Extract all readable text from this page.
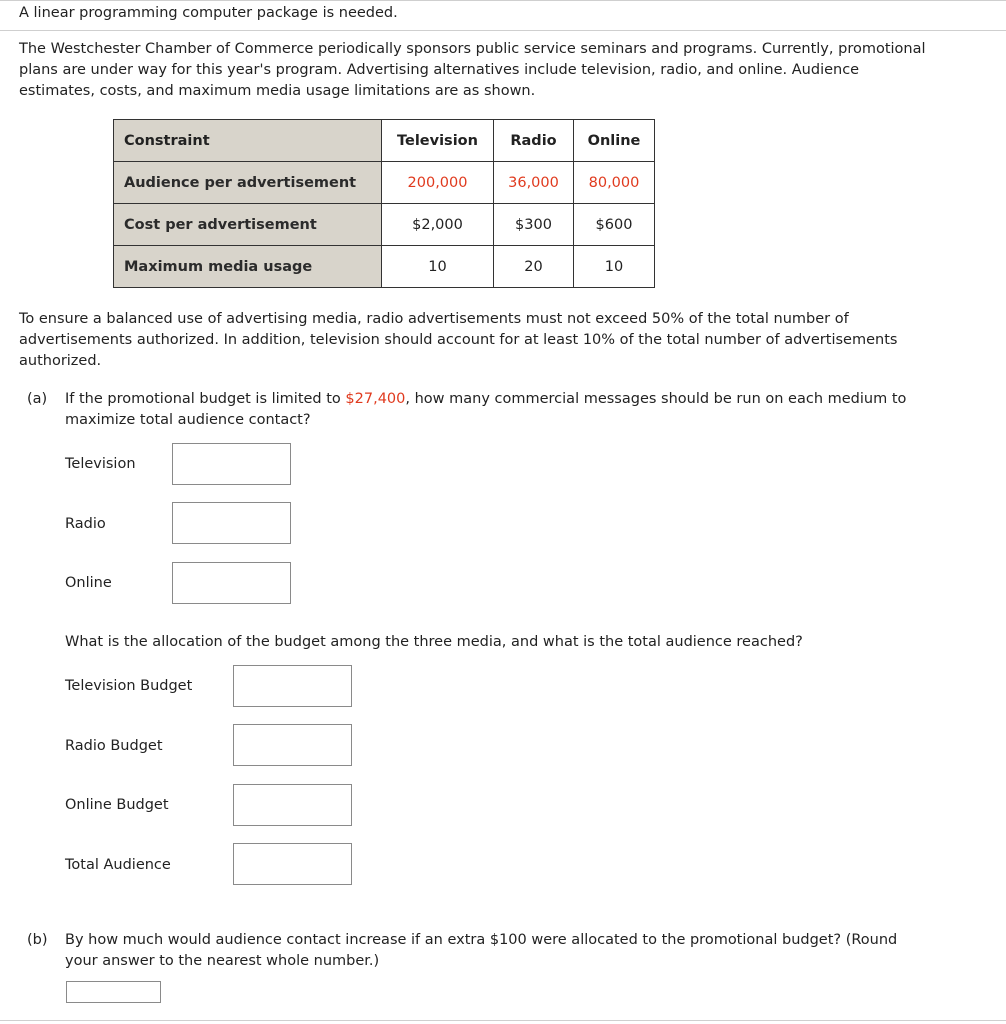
A linear programming computer package is needed.
The Westchester Chamber of Commerce periodically sponsors public service seminars and programs. Currently, promotional
plans are under way for this year's program. Advertising alternatives include television, radio, and online. Audience
estimates, costs, and maximum media usage limitations are as shown.
Constraint	Television	Radio	Online
Audience per advertisement	200,000	36,000	80,000
Cost per advertisement	$2,000	$300	$600
Maximum media usage	10	20	10
To ensure a balanced use of advertising media, radio advertisements must not exceed 50% of the total number of
advertisements authorized. In addition, television should account for at least 10% of the total number of advertisements
authorized.
(a) If the promotional budget is limited to $27,400, how many commercial messages should be run on each medium to
maximize total audience contact?
Television
Radio
Online
What is the allocation of the budget among the three media, and what is the total audience reached?
Television Budget
Radio Budget
Online Budget
Total Audience
(b) By how much would audience contact increase if an extra $100 were allocated to the promotional budget? (Round
your answer to the nearest whole number.)
